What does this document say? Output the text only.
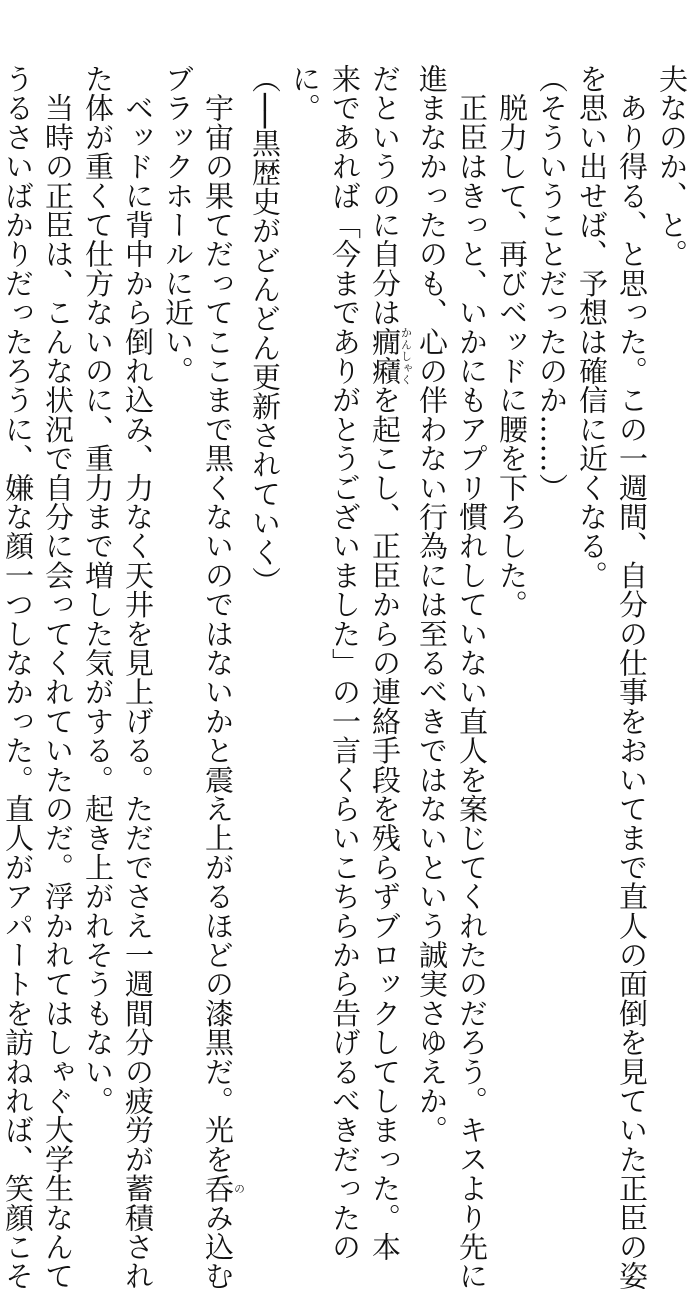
夫なのか、と。
　あり得る、と思った。この一週間、自分の仕事をおいてまで直人の面倒を見ていた正臣の姿
を思い出せば、予想は確信に近くなる。
（そういうことだったのか……）
　脱力して、再びベッドに腰を下ろした。
　正臣はきっと、いかにもアプリ慣れしていない直人を案じてくれたのだろう。キスより先に
進まなかったのも、心の伴わない行為には至るべきではないという誠実さゆえか。
だというのに自分は癇癪かんしゃくを起こし、正臣からの連絡手段を残らずブロックしてしまった。本
来であれば「今までありがとうございました」の一言くらいこちらから告げるべきだったの
に。
（──黒歴史がどんどん更新されていく）
　宇宙の果てだってここまで黒くないのではないかと震え上がるほどの漆黒だ。光を呑のみ込む
ブラックホールに近い。
　ベッドに背中から倒れ込み、力なく天井を見上げる。ただでさえ一週間分の疲労が蓄積され
た体が重くて仕方ないのに、重力まで増した気がする。起き上がれそうもない。
　当時の正臣は、こんな状況で自分に会ってくれていたのだ。浮かれてはしゃぐ大学生なんて
うるさいばかりだったろうに、嫌な顔一つしなかった。直人がアパートを訪ねれば、笑顔こそ
